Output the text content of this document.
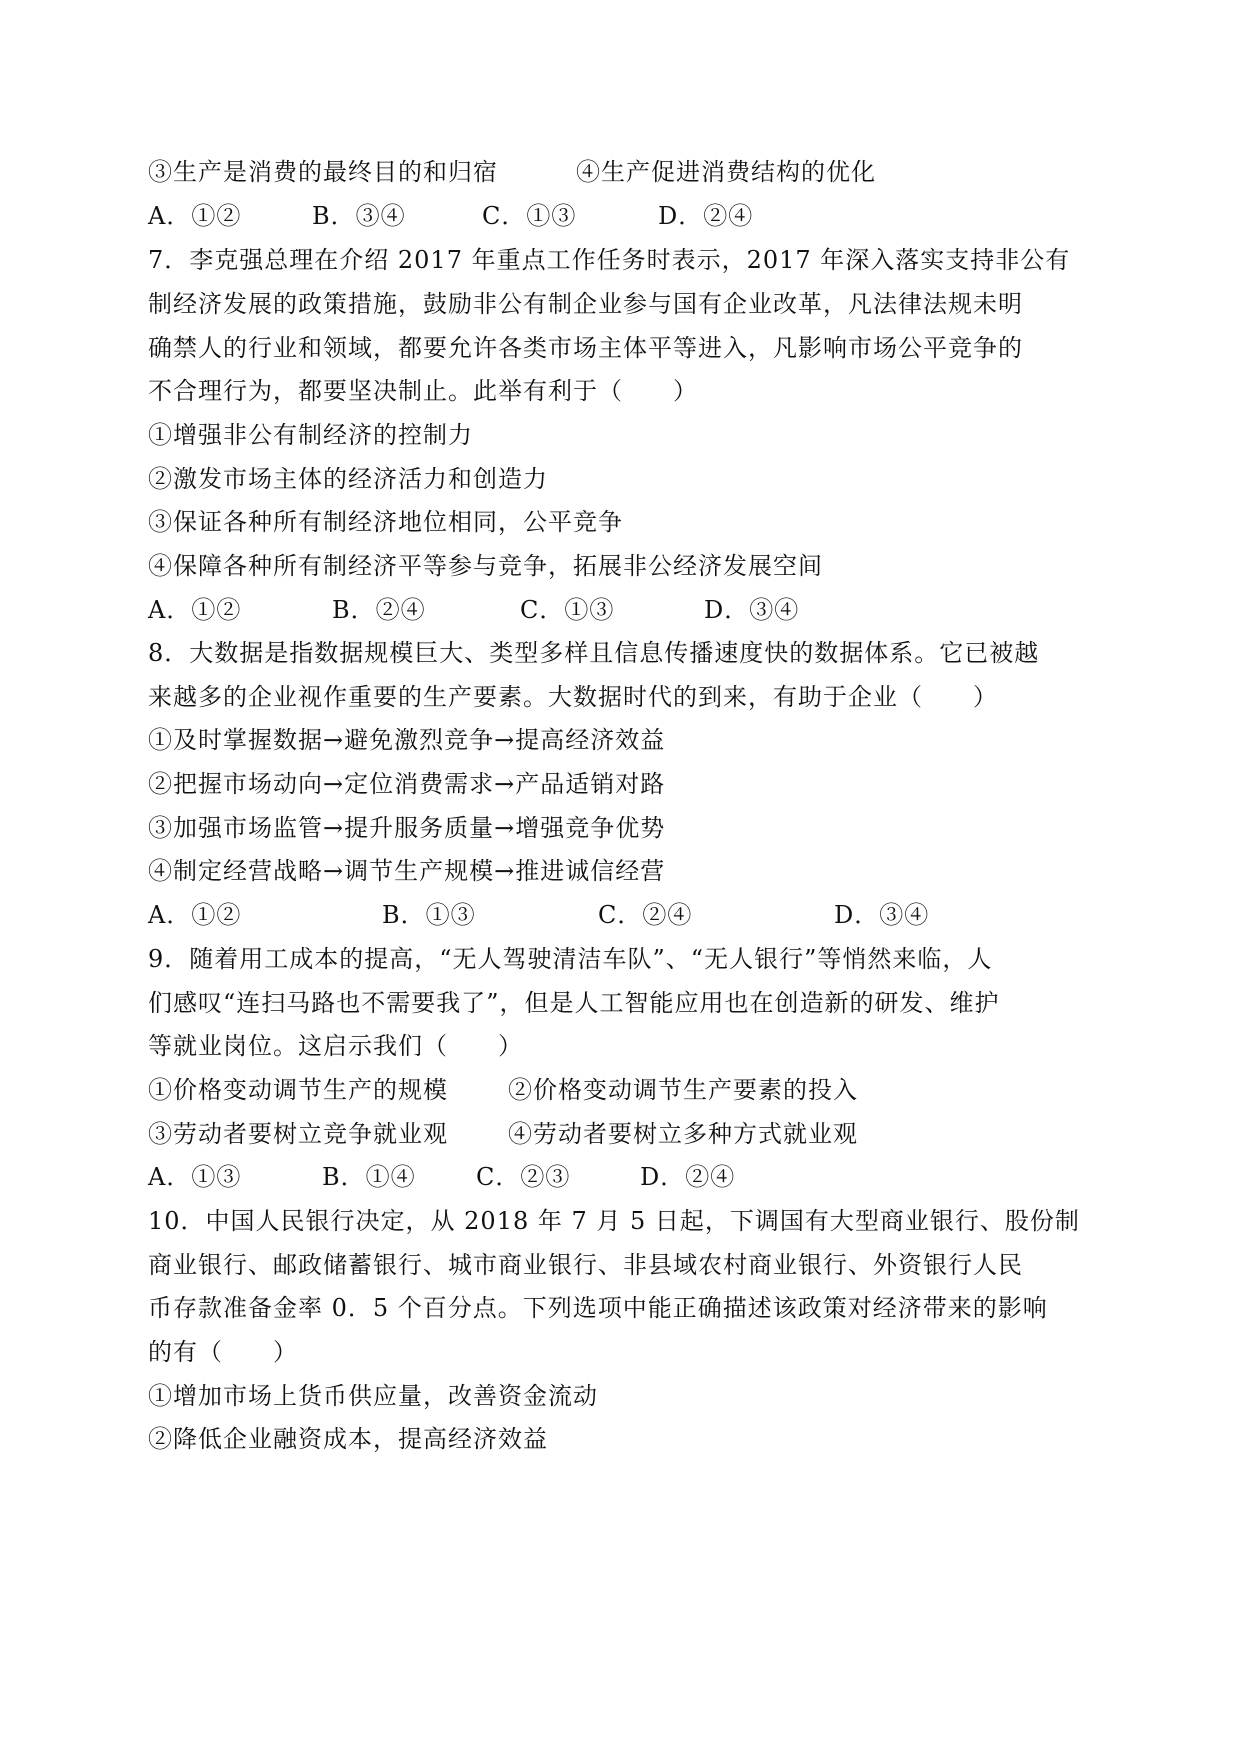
③生产是消费的最终目的和归宿	④生产促进消费结构的优化
A．①②	B．③④	C．①③	D．②④
7．李克强总理在介绍 2017 年重点工作任务时表示，2017 年深入落实支持非公有
制经济发展的政策措施，鼓励非公有制企业参与国有企业改革，凡法律法规未明
确禁人的行业和领域，都要允许各类市场主体平等进入，凡影响市场公平竞争的
不合理行为，都要坚决制止。此举有利于（　　）
①增强非公有制经济的控制力
②激发市场主体的经济活力和创造力
③保证各种所有制经济地位相同，公平竞争
④保障各种所有制经济平等参与竞争，拓展非公经济发展空间
A．①②	B．②④	C．①③	D．③④
8．大数据是指数据规模巨大、类型多样且信息传播速度快的数据体系。它已被越
来越多的企业视作重要的生产要素。大数据时代的到来，有助于企业（　　）
①及时掌握数据→避免激烈竞争→提高经济效益
②把握市场动向→定位消费需求→产品适销对路
③加强市场监管→提升服务质量→增强竞争优势
④制定经营战略→调节生产规模→推进诚信经营
A．①②	B．①③	C．②④	D．③④
9．随着用工成本的提高，“无人驾驶清洁车队”、“无人银行”等悄然来临，人
们感叹“连扫马路也不需要我了”，但是人工智能应用也在创造新的研发、维护
等就业岗位。这启示我们（　　）
①价格变动调节生产的规模	②价格变动调节生产要素的投入
③劳动者要树立竞争就业观	④劳动者要树立多种方式就业观
A．①③	B．①④	C．②③	D．②④
10．中国人民银行决定，从 2018 年 7 月 5 日起，下调国有大型商业银行、股份制
商业银行、邮政储蓄银行、城市商业银行、非县域农村商业银行、外资银行人民
币存款准备金率 0．5 个百分点。下列选项中能正确描述该政策对经济带来的影响
的有（　　）
①增加市场上货币供应量，改善资金流动
②降低企业融资成本，提高经济效益
